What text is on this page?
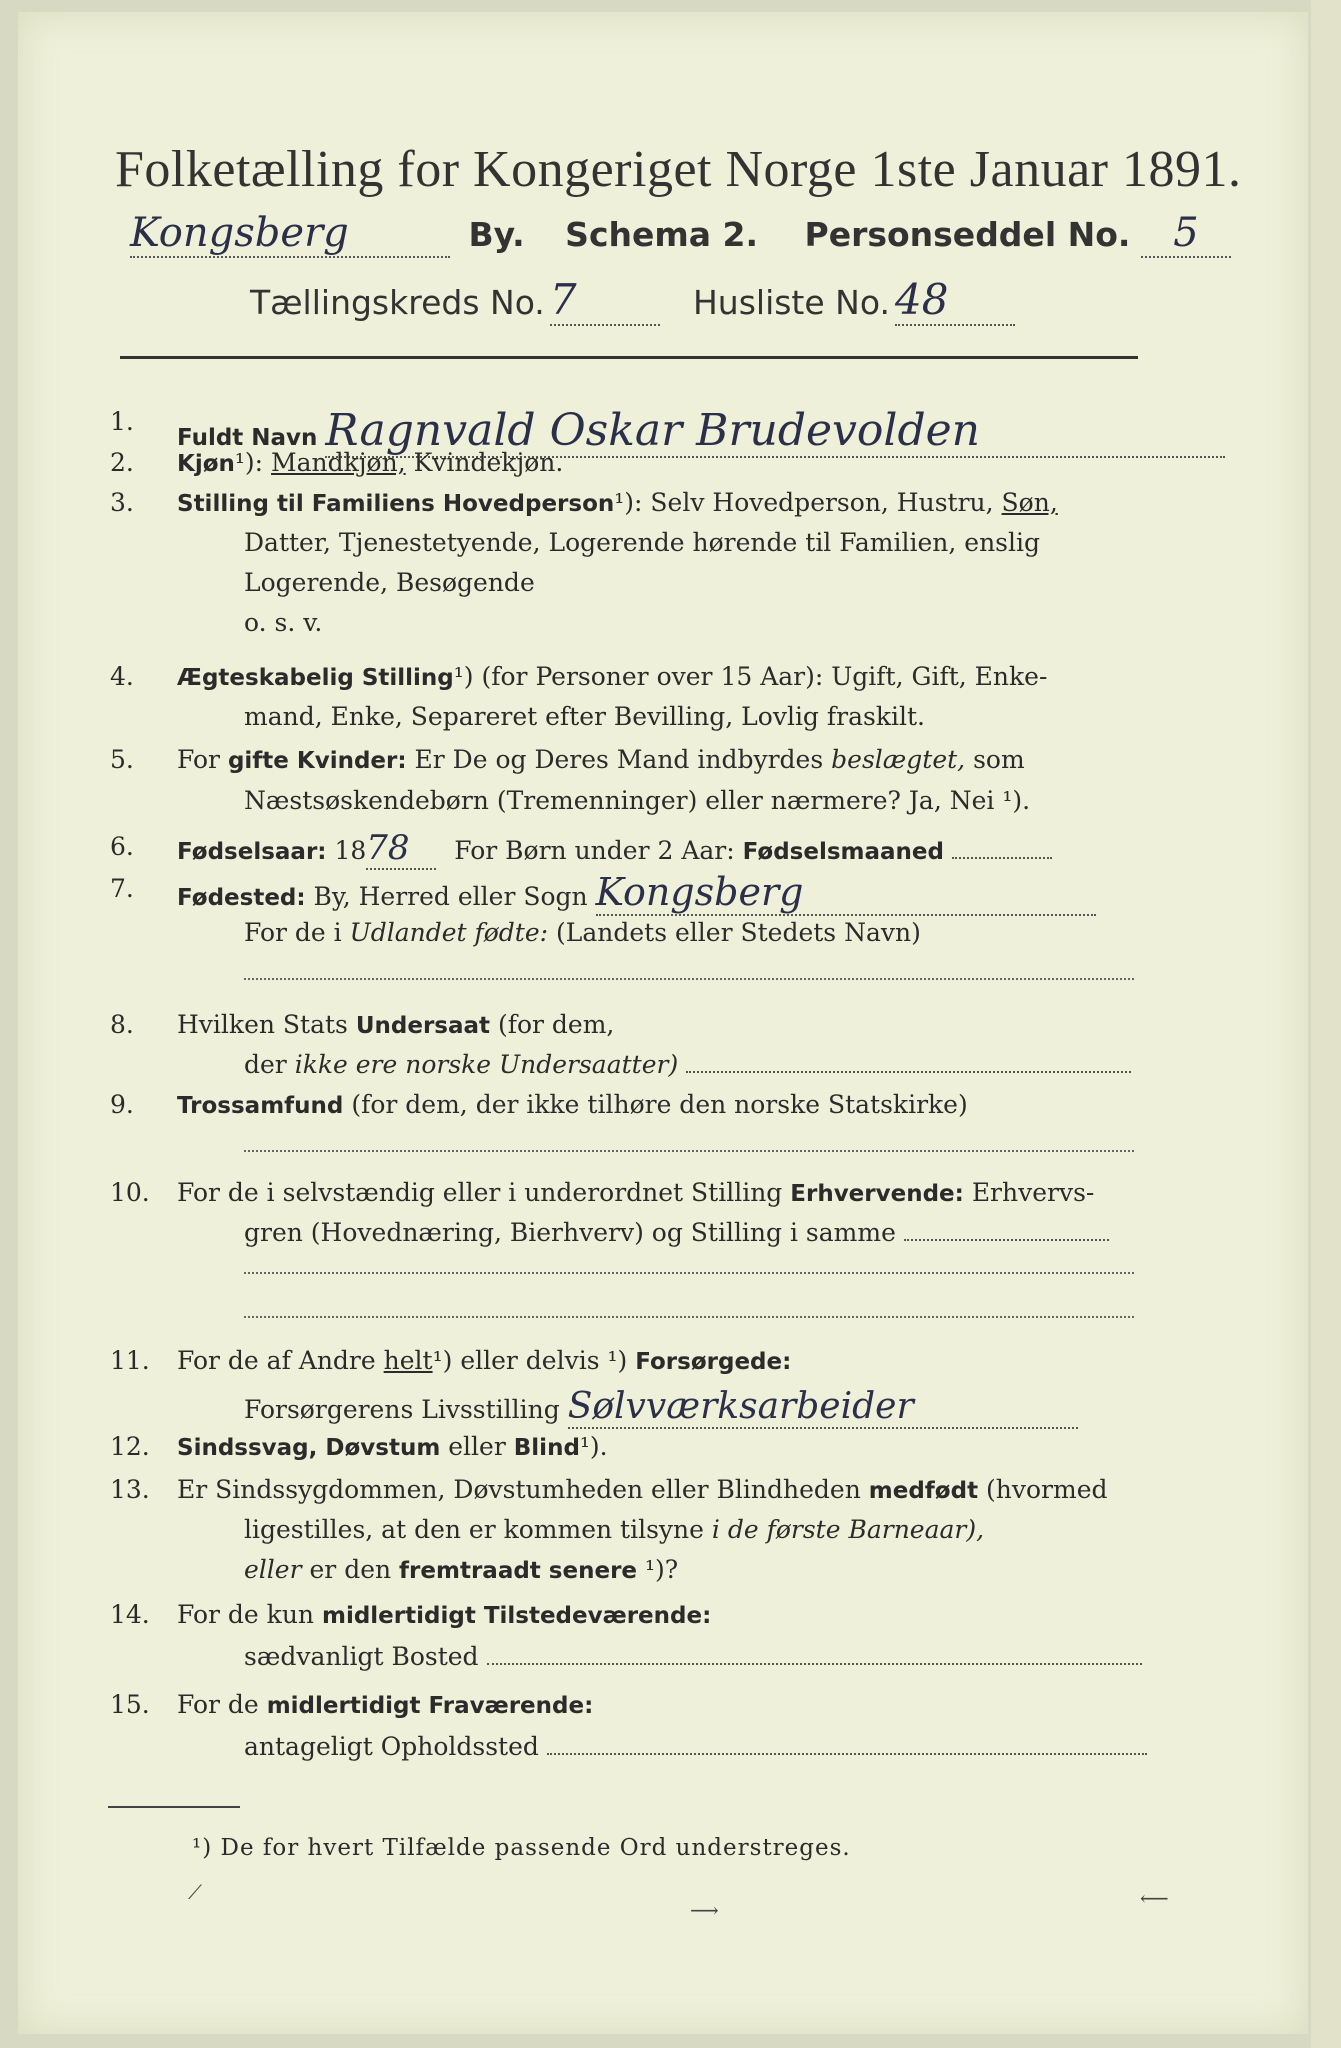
Folketælling for Kongeriget Norge 1ste Januar 1891.
Kongsberg	By. Schema 2. Personseddel No. 5
Tællingskreds No. 7	Husliste No. 48
1.
Fuldt Navn Ragnvald Oskar Brudevolden
2. Kjøn¹): Mandkjøn, Kvindekjøn.
3. Stilling til Familiens Hovedperson¹): Selv Hovedperson, Hustru, Søn,
Datter, Tjenestetyende, Logerende hørende til Familien, enslig
Logerende, Besøgende
o. s. v.
4. Ægteskabelig Stilling¹) (for Personer over 15 Aar): Ugift, Gift, Enke-
mand, Enke, Separeret efter Bevilling, Lovlig fraskilt.
5. For gifte Kvinder: Er De og Deres Mand indbyrdes beslægtet, som
Næstsøskendebørn (Tremenninger) eller nærmere? Ja, Nei ¹).
6. Fødselsaar: 1878 For Børn under 2 Aar: Fødselsmaaned
7. Fødested: By, Herred eller Sogn Kongsberg
For de i Udlandet fødte: (Landets eller Stedets Navn)
8. Hvilken Stats Undersaat (for dem,
der ikke ere norske Undersaatter)
9. Trossamfund (for dem, der ikke tilhøre den norske Statskirke)
10. For de i selvstændig eller i underordnet Stilling Erhvervende: Erhvervs-
gren (Hovednæring, Bierhverv) og Stilling i samme
11. For de af Andre helt¹) eller delvis ¹) Forsørgede:
Forsørgerens Livsstilling Sølvværksarbeider
12. Sindssvag, Døvstum eller Blind¹).
13. Er Sindssygdommen, Døvstumheden eller Blindheden medfødt (hvormed
ligestilles, at den er kommen tilsyne i de første Barneaar),
eller er den fremtraadt senere ¹)?
14. For de kun midlertidigt Tilstedeværende:
sædvanligt Bosted
15. For de midlertidigt Fraværende:
antageligt Opholdssted
¹) De for hvert Tilfælde passende Ord understreges.
⟋
⟶	⟵
